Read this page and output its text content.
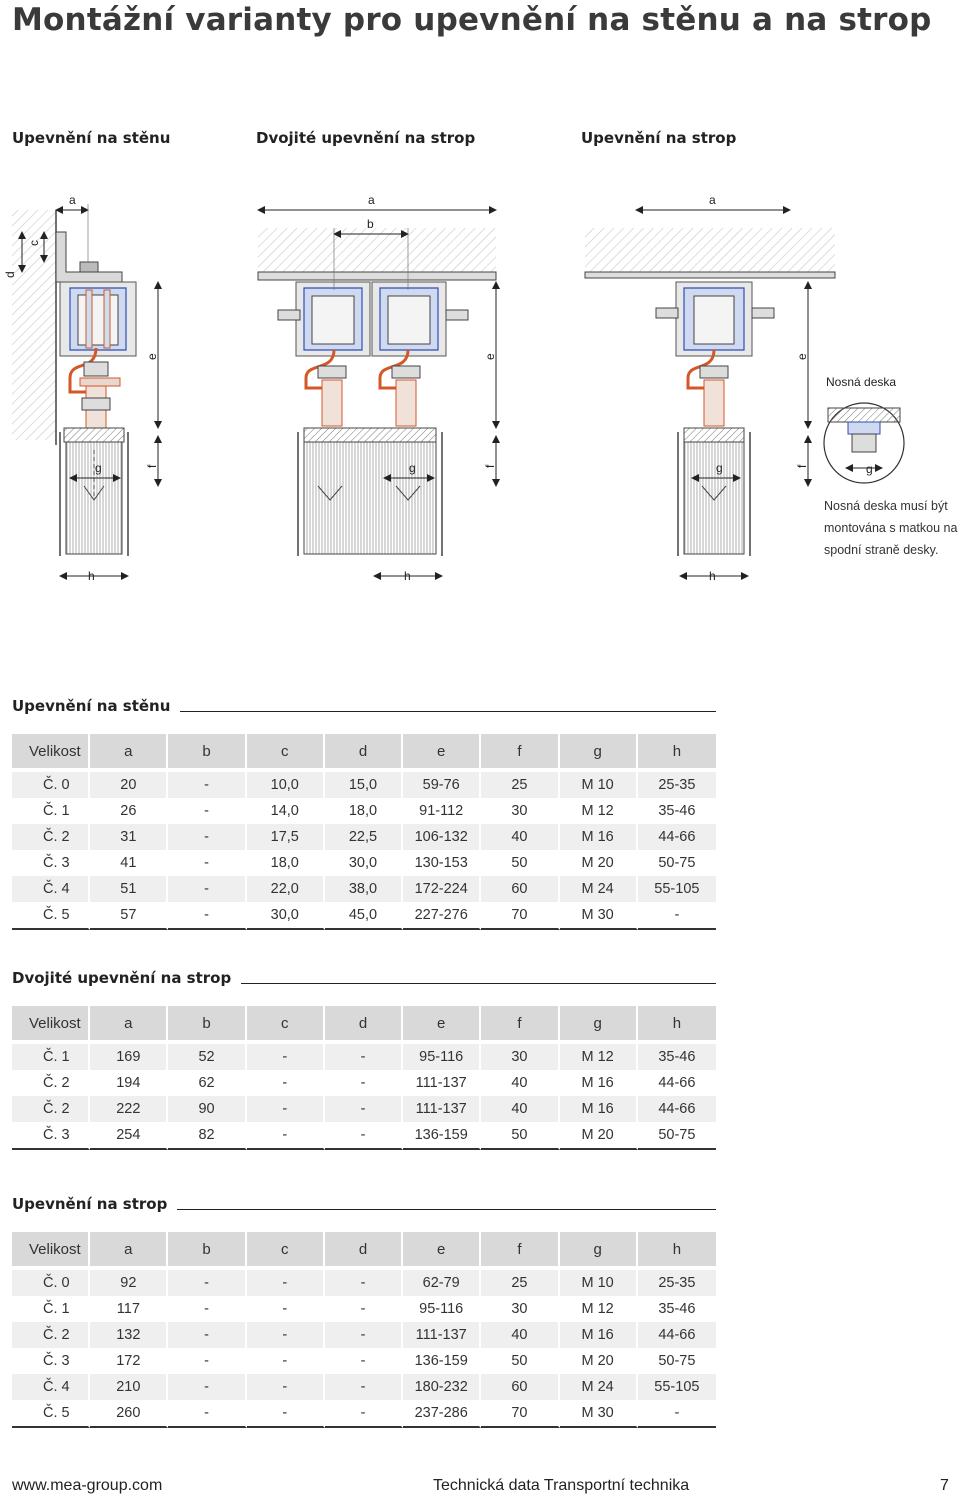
Montážní varianty pro upevnění na stěnu a na strop
Upevnění na stěnu	Dvojité upevnění na strop	Upevnění na strop
a
d
c
e
f
g
h
a
b
e
f
g
h
a
e
f
g
h
Nosná deska
g
Nosná deska musí být montována s matkou na spodní straně desky.
Upevnění na stěnu
Velikost	a	b	c	d	e	f	g	h

Č. 0	20	-	10,0	15,0	59-76	25	M 10	25-35
Č. 1	26	-	14,0	18,0	91-112	30	M 12	35-46
Č. 2	31	-	17,5	22,5	106-132	40	M 16	44-66
Č. 3	41	-	18,0	30,0	130-153	50	M 20	50-75
Č. 4	51	-	22,0	38,0	172-224	60	M 24	55-105
Č. 5	57	-	30,0	45,0	227-276	70	M 30	-
Dvojité upevnění na strop
Velikost	a	b	c	d	e	f	g	h

Č. 1	169	52	-	-	95-116	30	M 12	35-46
Č. 2	194	62	-	-	111-137	40	M 16	44-66
Č. 2	222	90	-	-	111-137	40	M 16	44-66
Č. 3	254	82	-	-	136-159	50	M 20	50-75
Upevnění na strop
Velikost	a	b	c	d	e	f	g	h

Č. 0	92	-	-	-	62-79	25	M 10	25-35
Č. 1	117	-	-	-	95-116	30	M 12	35-46
Č. 2	132	-	-	-	111-137	40	M 16	44-66
Č. 3	172	-	-	-	136-159	50	M 20	50-75
Č. 4	210	-	-	-	180-232	60	M 24	55-105
Č. 5	260	-	-	-	237-286	70	M 30	-
www.mea-group.com	Technická data Transportní technika	7
